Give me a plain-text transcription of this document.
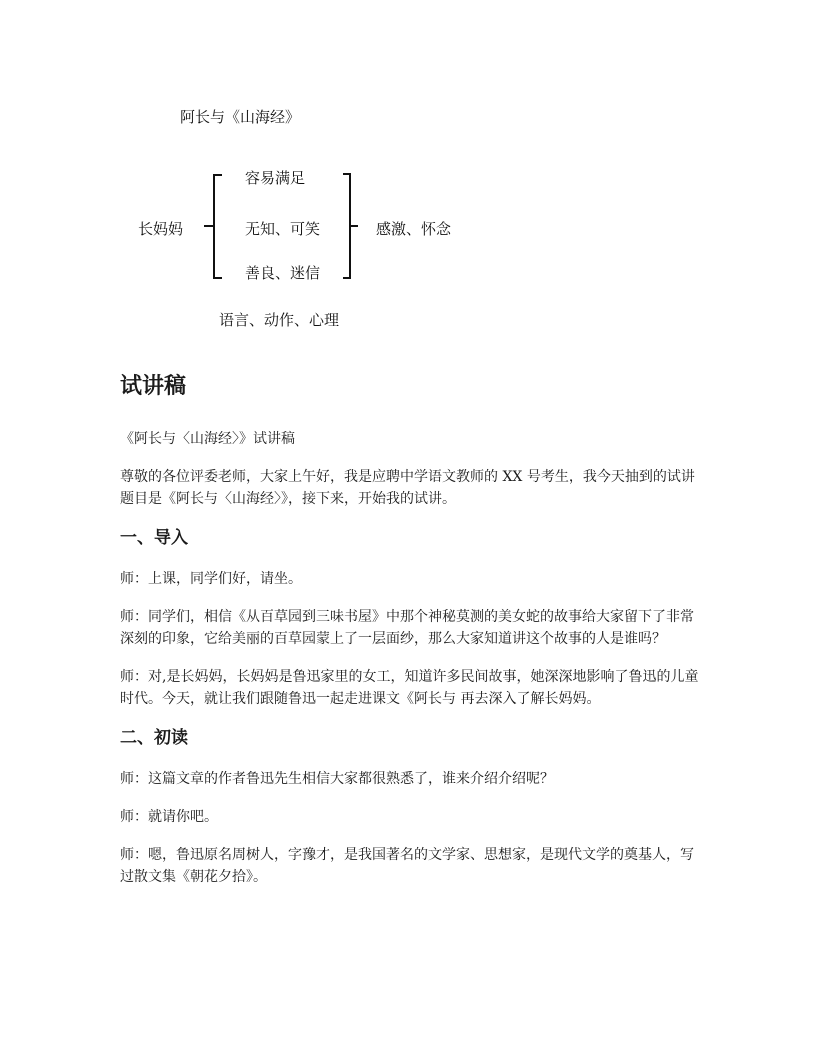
阿长与《山海经》
长妈妈
容易满足
无知、可笑
善良、迷信
感激、怀念
语言、动作、心理
试讲稿

《阿长与〈山海经〉》试讲稿

尊敬的各位评委老师，大家上午好，我是应聘中学语文教师的 XX 号考生，我今天抽到的试讲题目是《阿长与〈山海经〉》，接下来，开始我的试讲。

一、导入

师：上课，同学们好，请坐。

师：同学们，相信《从百草园到三味书屋》中那个神秘莫测的美女蛇的故事给大家留下了非常深刻的印象，它给美丽的百草园蒙上了一层面纱，那么大家知道讲这个故事的人是谁吗？

师：对,是长妈妈，长妈妈是鲁迅家里的女工，知道许多民间故事，她深深地影响了鲁迅的儿童时代。今天，就让我们跟随鲁迅一起走进课文《阿长与 再去深入了解长妈妈。

二、初读

师：这篇文章的作者鲁迅先生相信大家都很熟悉了，谁来介绍介绍呢？

师：就请你吧。

师：嗯，鲁迅原名周树人，字豫才，是我国著名的文学家、思想家，是现代文学的奠基人，写过散文集《朝花夕拾》。
